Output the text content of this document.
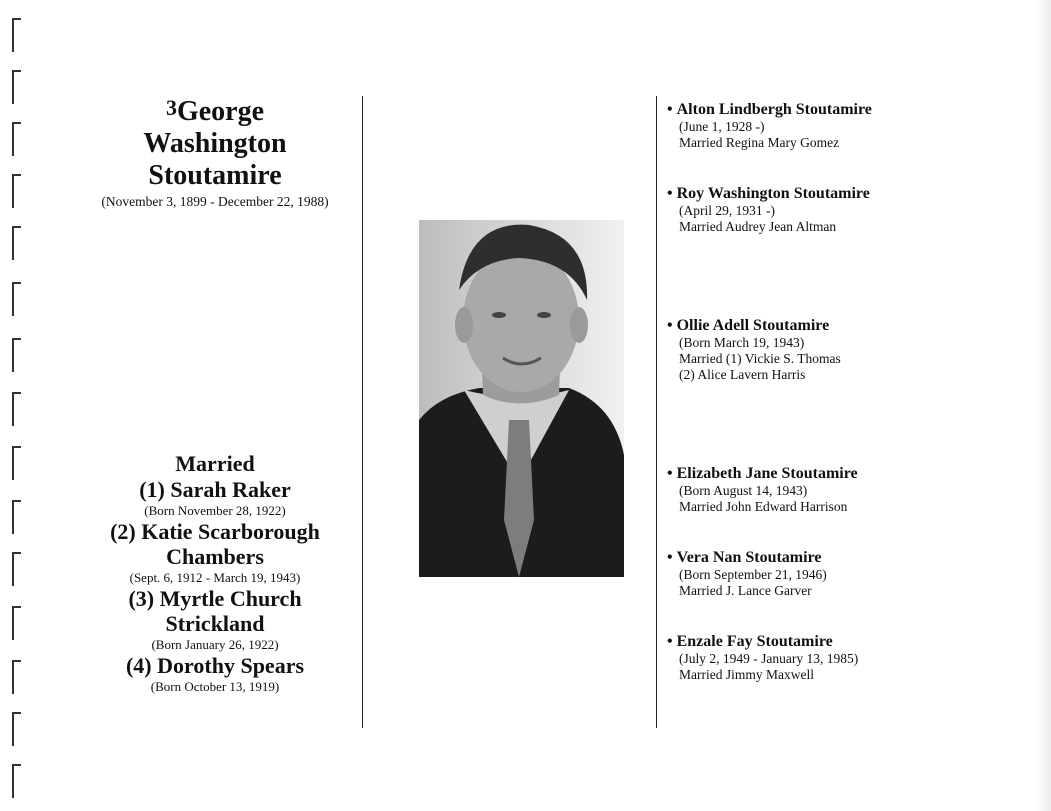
$^3$George
Washington
Stoutamire
(November 3, 1899 - December 22, 1988)
Married
(1) Sarah Raker
(Born November 28, 1922)
(2) Katie Scarborough
Chambers
(Sept. 6, 1912 - March 19, 1943)
(3) Myrtle Church
Strickland
(Born January 26, 1922)
(4) Dorothy Spears
(Born October 13, 1919)
• Alton Lindbergh Stoutamire
(June 1, 1928 -)
Married Regina Mary Gomez
• Roy Washington Stoutamire
(April 29, 1931 -)
Married Audrey Jean Altman
• Ollie Adell Stoutamire
(Born March 19, 1943)
Married (1) Vickie S. Thomas
(2) Alice Lavern Harris
• Elizabeth Jane Stoutamire
(Born August 14, 1943)
Married John Edward Harrison
• Vera Nan Stoutamire
(Born September 21, 1946)
Married J. Lance Garver
• Enzale Fay Stoutamire
(July 2, 1949 - January 13, 1985)
Married Jimmy Maxwell
